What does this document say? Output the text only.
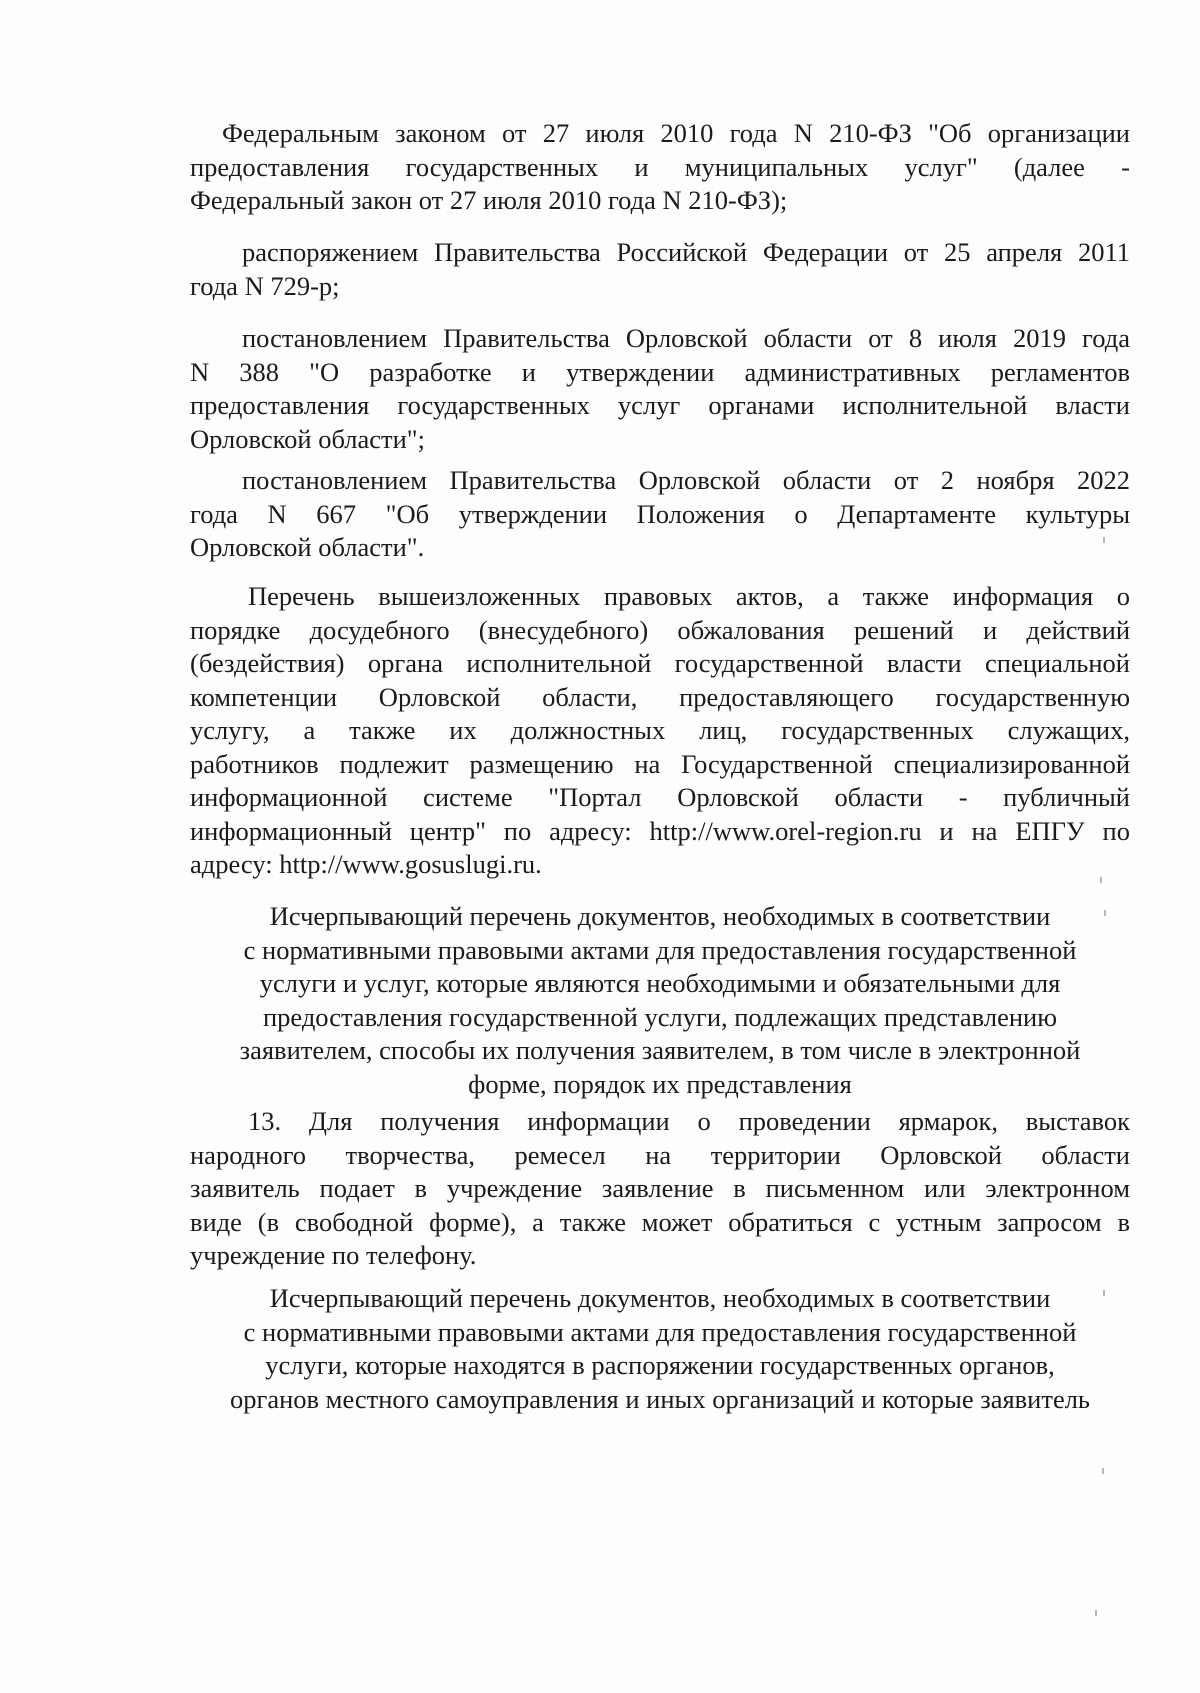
Федеральным законом от 27 июля 2010 года N 210-ФЗ "Об организации
предоставления государственных и муниципальных услуг" (далее -
Федеральный закон от 27 июля 2010 года N 210-ФЗ);
распоряжением Правительства Российской Федерации от 25 апреля 2011
года N 729-р;
постановлением Правительства Орловской области от 8 июля 2019 года
N 388 "О разработке и утверждении административных регламентов
предоставления государственных услуг органами исполнительной власти
Орловской области";
постановлением Правительства Орловской области от 2 ноября 2022
года N 667 "Об утверждении Положения о Департаменте культуры
Орловской области".
Перечень вышеизложенных правовых актов, а также информация о
порядке досудебного (внесудебного) обжалования решений и действий
(бездействия) органа исполнительной государственной власти специальной
компетенции Орловской области, предоставляющего государственную
услугу, а также их должностных лиц, государственных служащих,
работников подлежит размещению на Государственной специализированной
информационной системе "Портал Орловской области - публичный
информационный центр" по адресу: http://www.orel-region.ru и на ЕПГУ по
адресу: http://www.gosuslugi.ru.
Исчерпывающий перечень документов, необходимых в соответствии
с нормативными правовыми актами для предоставления государственной
услуги и услуг, которые являются необходимыми и обязательными для
предоставления государственной услуги, подлежащих представлению
заявителем, способы их получения заявителем, в том числе в электронной
форме, порядок их представления
13. Для получения информации о проведении ярмарок, выставок
народного творчества, ремесел на территории Орловской области
заявитель подает в учреждение заявление в письменном или электронном
виде (в свободной форме), а также может обратиться с устным запросом в
учреждение по телефону.
Исчерпывающий перечень документов, необходимых в соответствии
с нормативными правовыми актами для предоставления государственной
услуги, которые находятся в распоряжении государственных органов,
органов местного самоуправления и иных организаций и которые заявитель
